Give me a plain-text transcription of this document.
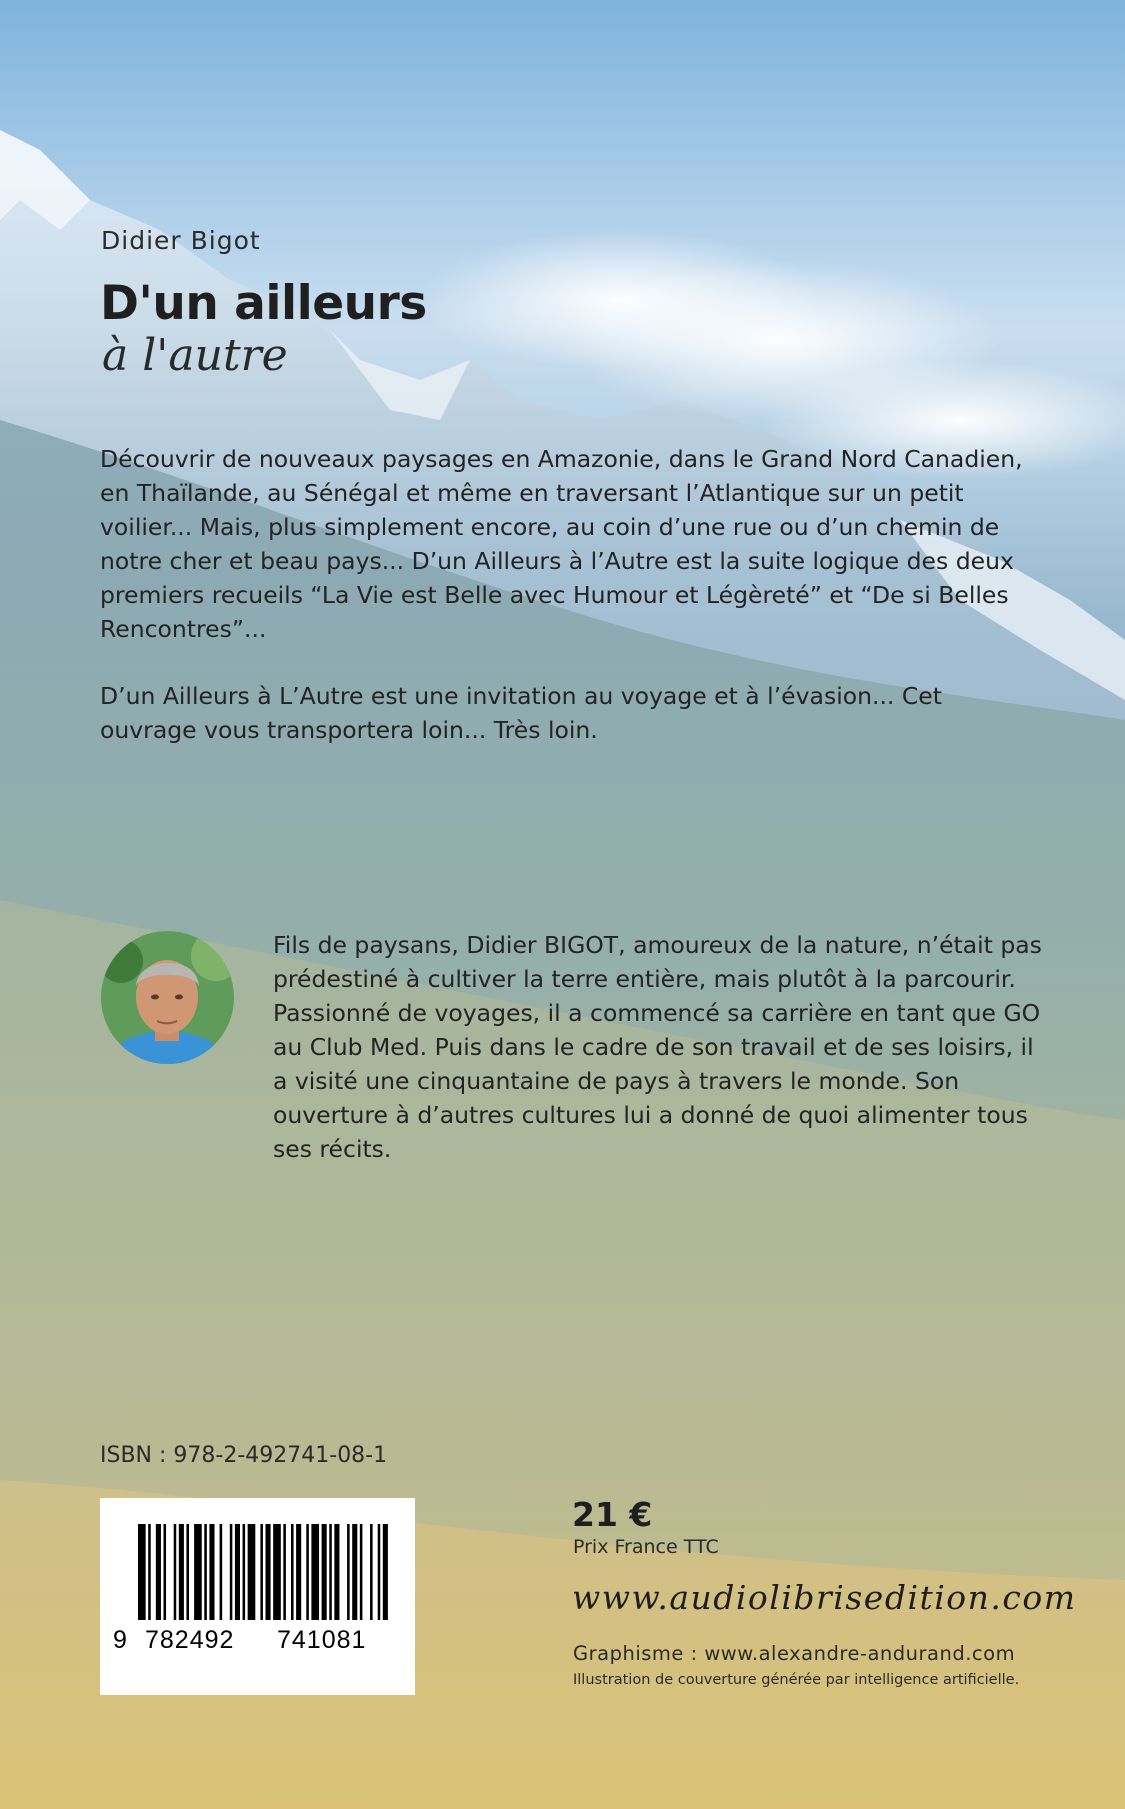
Didier Bigot
D'un ailleurs
à l'autre

Découvrir de nouveaux paysages en Amazonie, dans le Grand Nord Canadien, en Thaïlande, au Sénégal et même en traversant l’Atlantique sur un petit voilier... Mais, plus simplement encore, au coin d’une rue ou d’un chemin de notre cher et beau pays... D’un Ailleurs à l’Autre est la suite logique des deux premiers recueils “La Vie est Belle avec Humour et Légèreté” et “De si Belles Rencontres”...

D’un Ailleurs à L’Autre est une invitation au voyage et à l’évasion... Cet ouvrage vous transportera loin... Très loin.

Fils de paysans, Didier BIGOT, amoureux de la nature, n’était pas prédestiné à cultiver la terre entière, mais plutôt à la parcourir. Passionné de voyages, il a commencé sa carrière en tant que GO au Club Med. Puis dans le cadre de son travail et de ses loisirs, il a visité une cinquantaine de pays à travers le monde. Son ouverture à d’autres cultures lui a donné de quoi alimenter tous ses récits.
ISBN : 978-2-492741-08-1
9 782492 741081
21 €
Prix France TTC
www.audiolibrisedition.com
Graphisme : www.alexandre-andurand.com
Illustration de couverture générée par intelligence artificielle.
